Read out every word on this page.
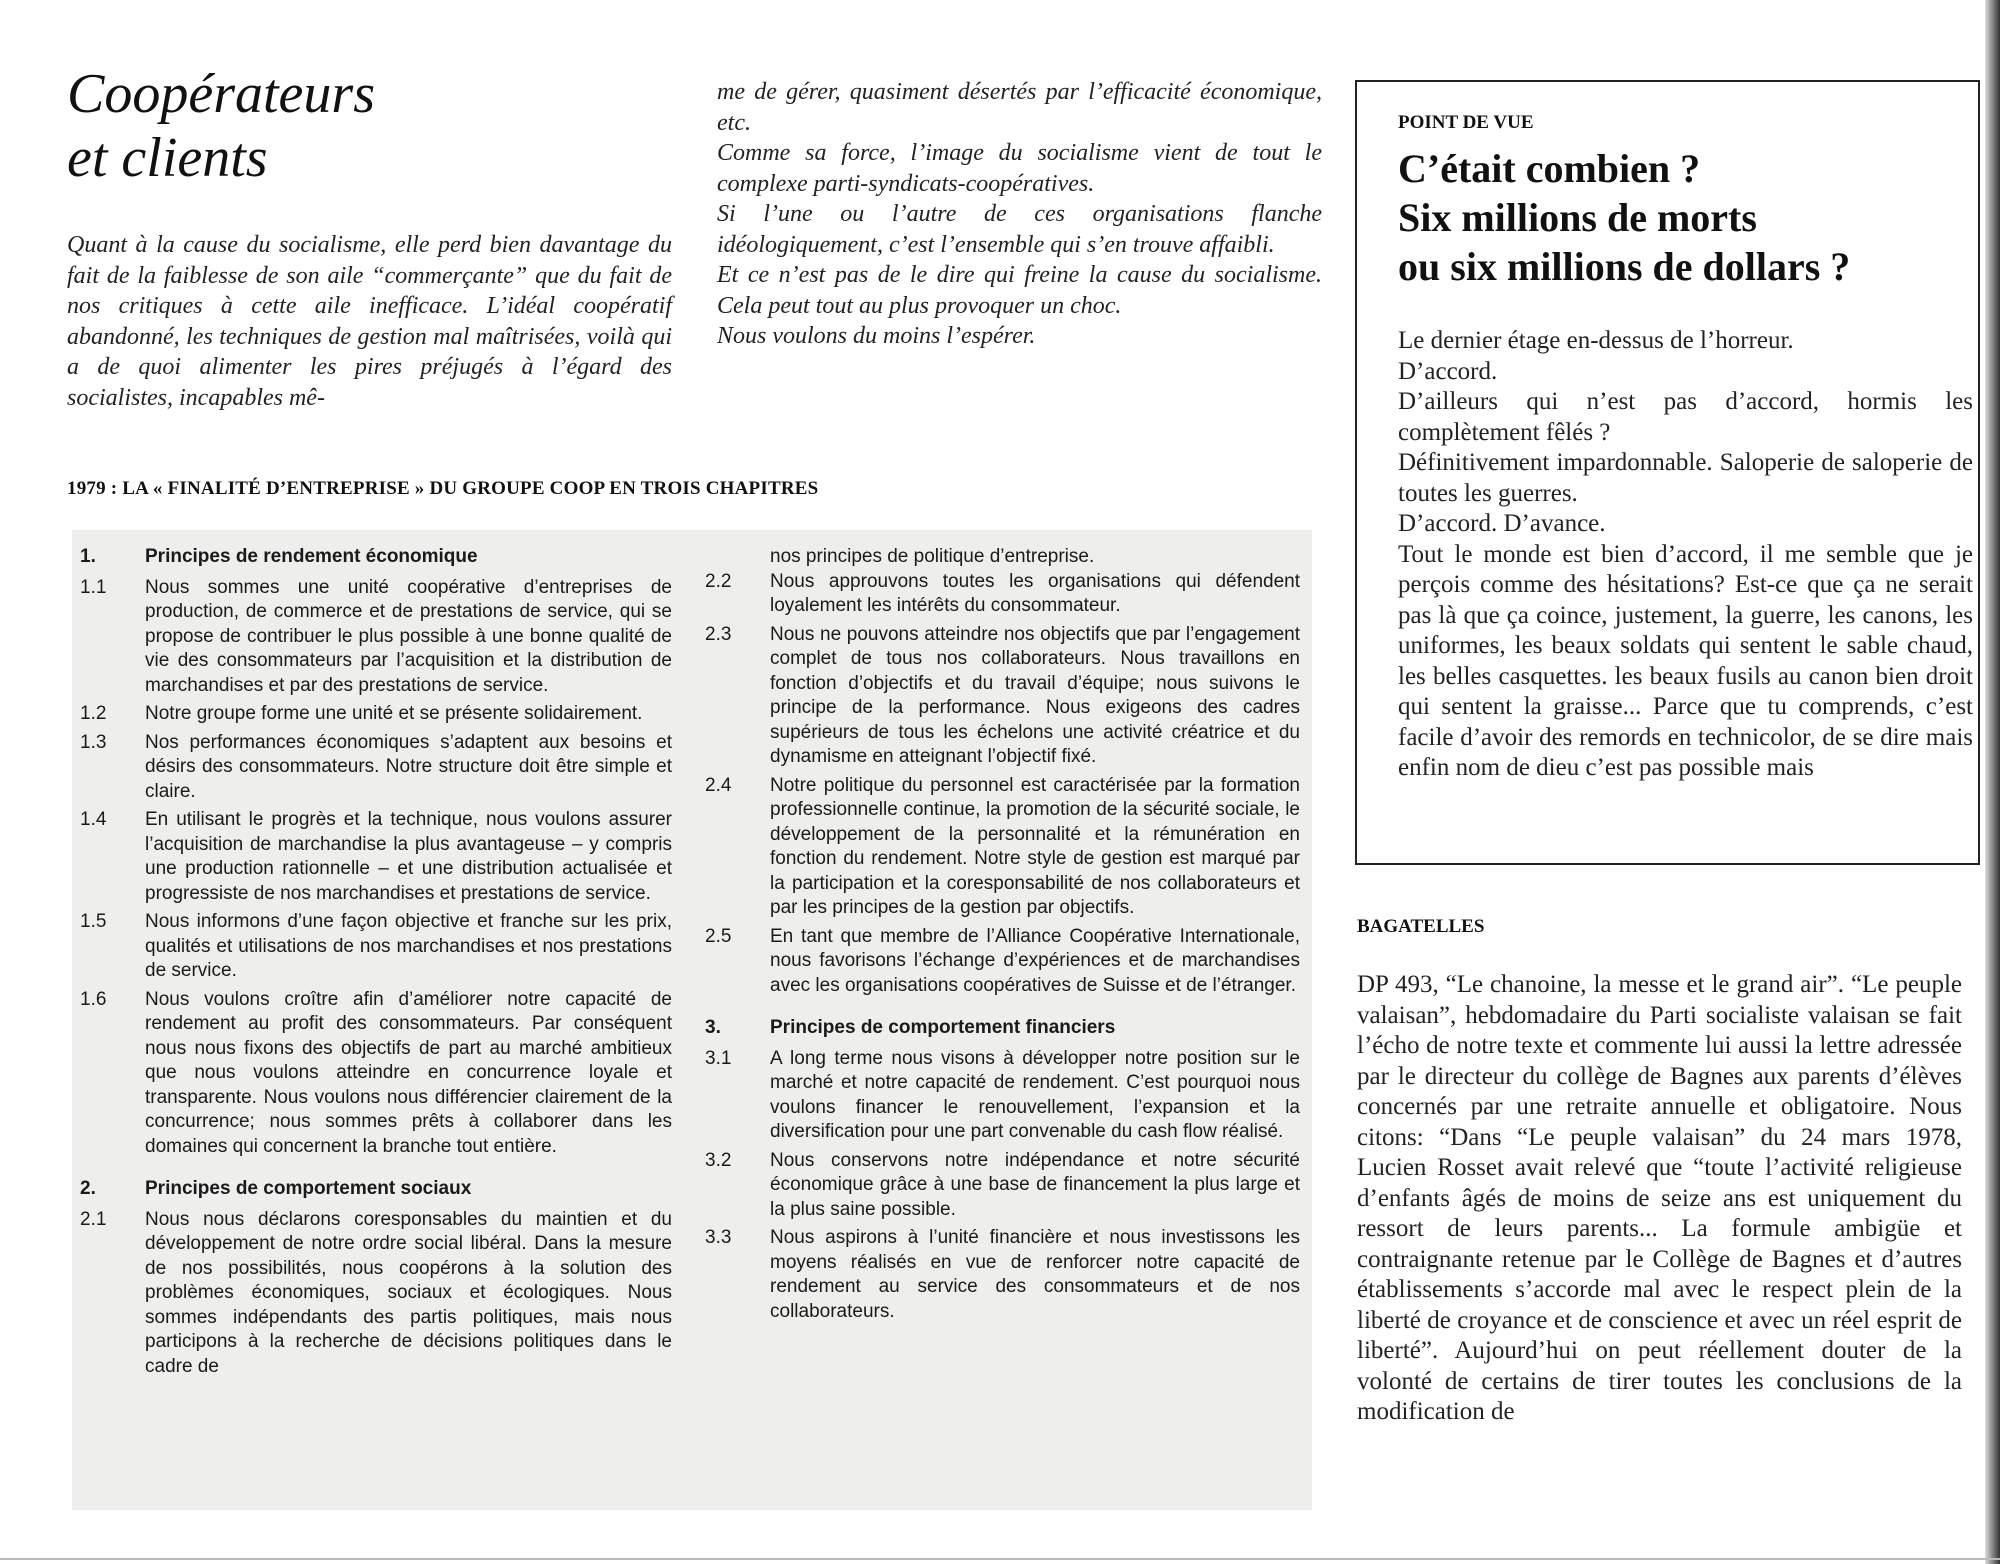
Coopérateurs
et clients

Quant à la cause du socialisme, elle perd bien davantage du fait de la faiblesse de son aile “commerçante” que du fait de nos critiques à cette aile inefficace. L’idéal coopératif abandonné, les techniques de gestion mal maîtrisées, voilà qui a de quoi alimenter les pires préjugés à l’égard des socialistes, incapables mê-

me de gérer, quasiment désertés par l’efficacité économique, etc.

Comme sa force, l’image du socialisme vient de tout le complexe parti-syndicats-coopératives.

Si l’une ou l’autre de ces organisations flanche idéologiquement, c’est l’ensemble qui s’en trouve affaibli.

Et ce n’est pas de le dire qui freine la cause du socialisme. Cela peut tout au plus provoquer un choc.

Nous voulons du moins l’espérer.

1979 : LA « FINALITÉ D’ENTREPRISE » DU GROUPE COOP EN TROIS CHAPITRES
1.	Principes de rendement économique
1.1	Nous sommes une unité coopérative d’entreprises de production, de commerce et de prestations de service, qui se propose de contribuer le plus possible à une bonne qualité de vie des consommateurs par l’acquisition et la distribution de marchandises et par des prestations de service.
1.2	Notre groupe forme une unité et se présente solidairement.
1.3	Nos performances économiques s’adaptent aux besoins et désirs des consommateurs. Notre structure doit être simple et claire.
1.4	En utilisant le progrès et la technique, nous voulons assurer l’acquisition de marchandise la plus avantageuse – y compris une production rationnelle – et une distribution actualisée et progressiste de nos marchandises et prestations de service.
1.5	Nous informons d’une façon objective et franche sur les prix, qualités et utilisations de nos marchandises et nos prestations de service.
1.6	Nous voulons croître afin d’améliorer notre capacité de rendement au profit des consommateurs. Par conséquent nous nous fixons des objectifs de part au marché ambitieux que nous voulons atteindre en concurrence loyale et transparente. Nous voulons nous différencier clairement de la concurrence; nous sommes prêts à collaborer dans les domaines qui concernent la branche tout entière.
2.	Principes de comportement sociaux
2.1	Nous nous déclarons coresponsables du maintien et du développement de notre ordre social libéral. Dans la mesure de nos possibilités, nous coopérons à la solution des problèmes économiques, sociaux et écologiques. Nous sommes indépendants des partis politiques, mais nous participons à la recherche de décisions politiques dans le cadre de
nos principes de politique d’entreprise.
2.2	Nous approuvons toutes les organisations qui défendent loyalement les intérêts du consommateur.
2.3	Nous ne pouvons atteindre nos objectifs que par l’engagement complet de tous nos collaborateurs. Nous travaillons en fonction d’objectifs et du travail d’équipe; nous suivons le principe de la performance. Nous exigeons des cadres supérieurs de tous les échelons une activité créatrice et du dynamisme en atteignant l’objectif fixé.
2.4	Notre politique du personnel est caractérisée par la formation professionnelle continue, la promotion de la sécurité sociale, le développement de la personnalité et la rémunération en fonction du rendement. Notre style de gestion est marqué par la participation et la coresponsabilité de nos collaborateurs et par les principes de la gestion par objectifs.
2.5	En tant que membre de l’Alliance Coopérative Internationale, nous favorisons l’échange d’expériences et de marchandises avec les organisations coopératives de Suisse et de l’étranger.
3.	Principes de comportement financiers
3.1	A long terme nous visons à développer notre position sur le marché et notre capacité de rendement. C’est pourquoi nous voulons financer le renouvellement, l’expansion et la diversification pour une part convenable du cash flow réalisé.
3.2	Nous conservons notre indépendance et notre sécurité économique grâce à une base de financement la plus large et la plus saine possible.
3.3	Nous aspirons à l’unité financière et nous investissons les moyens réalisés en vue de renforcer notre capacité de rendement au service des consommateurs et de nos collaborateurs.
POINT DE VUE
C’était combien ?
Six millions de morts
ou six millions de dollars ?

Le dernier étage en-dessus de l’horreur.

D’accord.

D’ailleurs qui n’est pas d’accord, hormis les complètement fêlés ?

Définitivement impardonnable. Saloperie de saloperie de toutes les guerres.

D’accord. D’avance.

Tout le monde est bien d’accord, il me semble que je perçois comme des hésitations? Est-ce que ça ne serait pas là que ça coince, justement, la guerre, les canons, les uniformes, les beaux soldats qui sentent le sable chaud, les belles casquettes. les beaux fusils au canon bien droit qui sentent la graisse... Parce que tu comprends, c’est facile d’avoir des remords en technicolor, de se dire mais enfin nom de dieu c’est pas possible mais

BAGATELLES

DP 493, “Le chanoine, la messe et le grand air”. “Le peuple valaisan”, hebdomadaire du Parti socialiste valaisan se fait l’écho de notre texte et commente lui aussi la lettre adressée par le directeur du collège de Bagnes aux parents d’élèves concernés par une retraite annuelle et obligatoire. Nous citons: “Dans “Le peuple valaisan” du 24 mars 1978, Lucien Rosset avait relevé que “toute l’activité religieuse d’enfants âgés de moins de seize ans est uniquement du ressort de leurs parents... La formule ambigüe et contraignante retenue par le Collège de Bagnes et d’autres établissements s’accorde mal avec le respect plein de la liberté de croyance et de conscience et avec un réel esprit de liberté”. Aujourd’hui on peut réellement douter de la volonté de certains de tirer toutes les conclusions de la modification de
